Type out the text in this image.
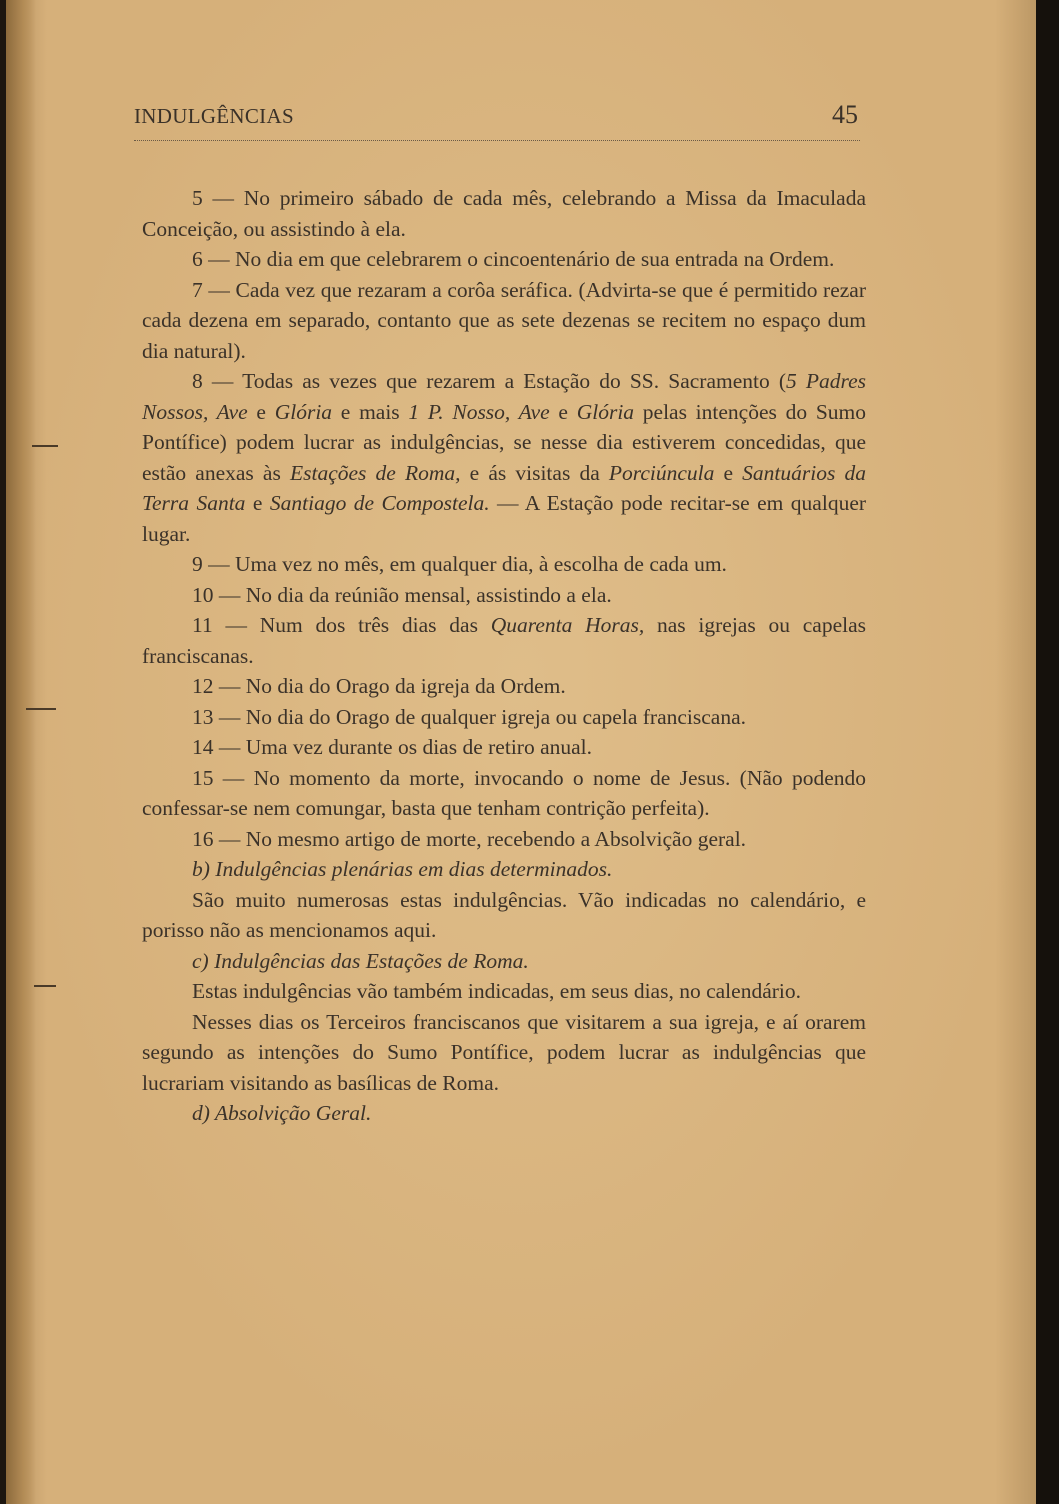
INDULGÊNCIAS	45

5 — No primeiro sábado de cada mês, celebrando a Missa da Imaculada Conceição, ou assistindo à ela.

6 — No dia em que celebrarem o cincoentenário de sua entrada na Ordem.

7 — Cada vez que rezaram a corôa seráfica. (Advirta-se que é permitido rezar cada dezena em separado, contanto que as sete dezenas se recitem no espaço dum dia natural).

8 — Todas as vezes que rezarem a Estação do SS. Sacramento (5 Padres Nossos, Ave e Glória e mais 1 P. Nosso, Ave e Glória pelas intenções do Sumo Pontífice) podem lucrar as indulgências, se nesse dia estiverem concedidas, que estão anexas às Estações de Roma, e ás visitas da Porciúncula e Santuários da Terra Santa e Santiago de Compostela. — A Estação pode recitar-se em qualquer lugar.

9 — Uma vez no mês, em qualquer dia, à escolha de cada um.

10 — No dia da reúnião mensal, assistindo a ela.

11 — Num dos três dias das Quarenta Horas, nas igrejas ou capelas franciscanas.

12 — No dia do Orago da igreja da Ordem.

13 — No dia do Orago de qualquer igreja ou capela franciscana.

14 — Uma vez durante os dias de retiro anual.

15 — No momento da morte, invocando o nome de Jesus. (Não podendo confessar-se nem comungar, basta que tenham contrição perfeita).

16 — No mesmo artigo de morte, recebendo a Absolvição geral.

b) Indulgências plenárias em dias determinados.

São muito numerosas estas indulgências. Vão indicadas no calendário, e porisso não as mencionamos aqui.

c) Indulgências das Estações de Roma.

Estas indulgências vão também indicadas, em seus dias, no calendário.

Nesses dias os Terceiros franciscanos que visitarem a sua igreja, e aí orarem segundo as intenções do Sumo Pontífice, podem lucrar as indulgências que lucrariam visitando as basílicas de Roma.

d) Absolvição Geral.
